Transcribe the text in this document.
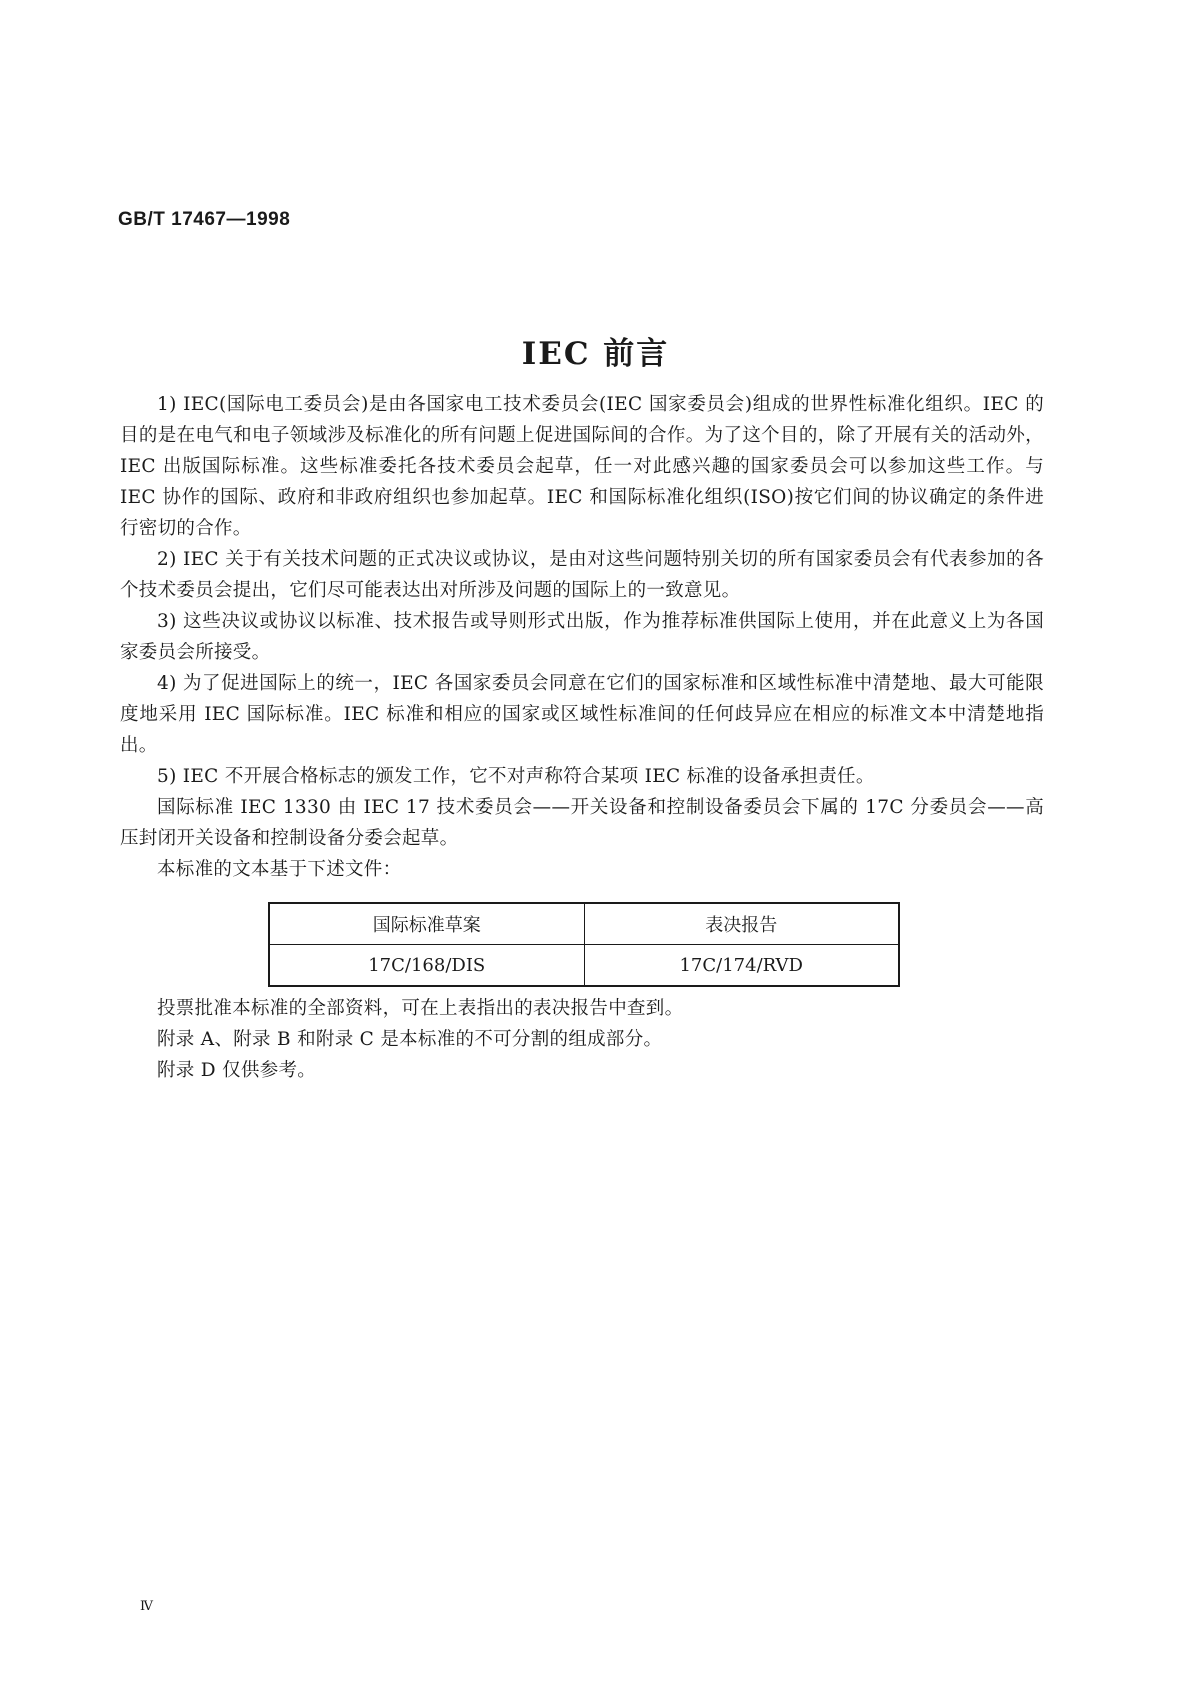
GB/T 17467—1998
IEC 前言

1) IEC(国际电工委员会)是由各国家电工技术委员会(IEC 国家委员会)组成的世界性标准化组织。IEC 的目的是在电气和电子领域涉及标准化的所有问题上促进国际间的合作。为了这个目的，除了开展有关的活动外，IEC 出版国际标准。这些标准委托各技术委员会起草，任一对此感兴趣的国家委员会可以参加这些工作。与 IEC 协作的国际、政府和非政府组织也参加起草。IEC 和国际标准化组织(ISO)按它们间的协议确定的条件进行密切的合作。

2) IEC 关于有关技术问题的正式决议或协议，是由对这些问题特别关切的所有国家委员会有代表参加的各个技术委员会提出，它们尽可能表达出对所涉及问题的国际上的一致意见。

3) 这些决议或协议以标准、技术报告或导则形式出版，作为推荐标准供国际上使用，并在此意义上为各国家委员会所接受。

4) 为了促进国际上的统一，IEC 各国家委员会同意在它们的国家标准和区域性标准中清楚地、最大可能限度地采用 IEC 国际标准。IEC 标准和相应的国家或区域性标准间的任何歧异应在相应的标准文本中清楚地指出。

5) IEC 不开展合格标志的颁发工作，它不对声称符合某项 IEC 标准的设备承担责任。

国际标准 IEC 1330 由 IEC 17 技术委员会——开关设备和控制设备委员会下属的 17C 分委员会——高压封闭开关设备和控制设备分委会起草。

本标准的文本基于下述文件：

国际标准草案	表决报告
17C/168/DIS	17C/174/RVD

投票批准本标准的全部资料，可在上表指出的表决报告中查到。

附录 A、附录 B 和附录 C 是本标准的不可分割的组成部分。

附录 D 仅供参考。

Ⅳ
